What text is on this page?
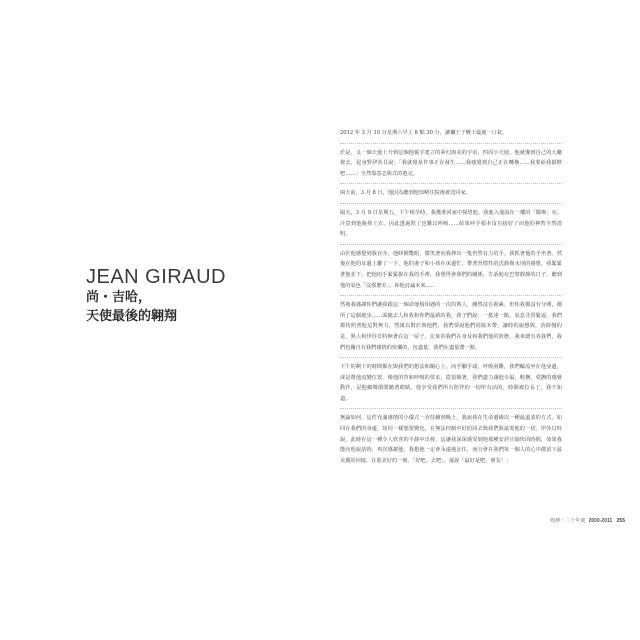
JEAN GIRAUD
尚・吉哈，
天使最後的翱翔

2012 年 3 月 10 日星期六早上 8 點 30 分，讓禰王子嚥下最後一口氣。

於是，又一個天使上升到這個他親手建立的夢幻與美的宇宙，四周小天使，他就像到自己的大廳裡去，起身對伊莎貝說：「我就覺某件事正在發生……我感覺到自己正在轉換……我要給我靜默吧……」全然靠意志與式的遊完。

兩天前，3 月 8 日，他因為聽到他知曉住院後被送回家。

隔天，3 月 9 日星期五，下午稍早時，我獲准回家中探望他。我進入他設在一樓的「醫療」室，注意到他脫掉上衣，因此透過閃了也難以呼吸……結果呼手根本沒有接好了而他的神智全然清明。

由於他感覺到我在旁，他睜開雙眼，微笑著向我伸出一隻仍然有力的手。我抓著他的手坐著。然後在他的耳邊上離了一下，他的妻子和小孩在床邊忙，帶著習慣性的沈靜與永別的感覺，我緊緊著他並下，把他的手緊緊握在我的手裡，我覺得會我們的關係，告訴他在巴黎靜靜的日子。聽到他的氣色「沒那麼差」，和他討論未來……

然後我感謝你們讓我跟這一個命運般相遇的一次的熟人，雖然沒有拖累，但你我都沒有分開，都所了這個地步……面臨去人和我和你們最新的我，我子們說：一抵達一點，氣息非常緊逼，我們都按照著他這對無力，然後以對於與他們，我們要說他們同接未帶，讓時的說想與，消除慢的是，熟人和伊莎貝特無著在這一屋子，宏來的我們在身及和我們他的狀態，我來總有者我們，我們也關自有我們感情的快樂的，包盡量，我們在盡量將一點。

下午的剩下的時間都在與我們的想法和關心上，而手腳手頭，呼吸困難，我們輪流坐在他身邊，成是幫他流變位置，像他的背和呼吸的要求，從很順著，我們盡力讓他幸福，輕撫，愛撫的感覺動作，是他細聲閉閉聽著眼睛，他享受我們所有陪伴的一切所有活的，時間被拉長了，我不知道。

無論如何，這件充滿感情的小儀式一直持續到晚上，我說我在生命邊緣以一種最溫柔的方式，如同在我們的身邊，如同一樣想要變化，在無法控制中好的回去與我們與最愛他的一切。伊莎貝特說，此時在這一種令人欣喜的平靜中出發，這讓我深深感受到他那種安詳且愉快的時間，如果我能向他說話時，再次感謝他，我想他一定會永遠地記住，而且會在我們每一個人的心中都留下最美麗的回憶，在那美好的一刻。「好吧，去吧」，還說「最好是吧，朋友！」

吸塵・二十年後 2000-2011 255
